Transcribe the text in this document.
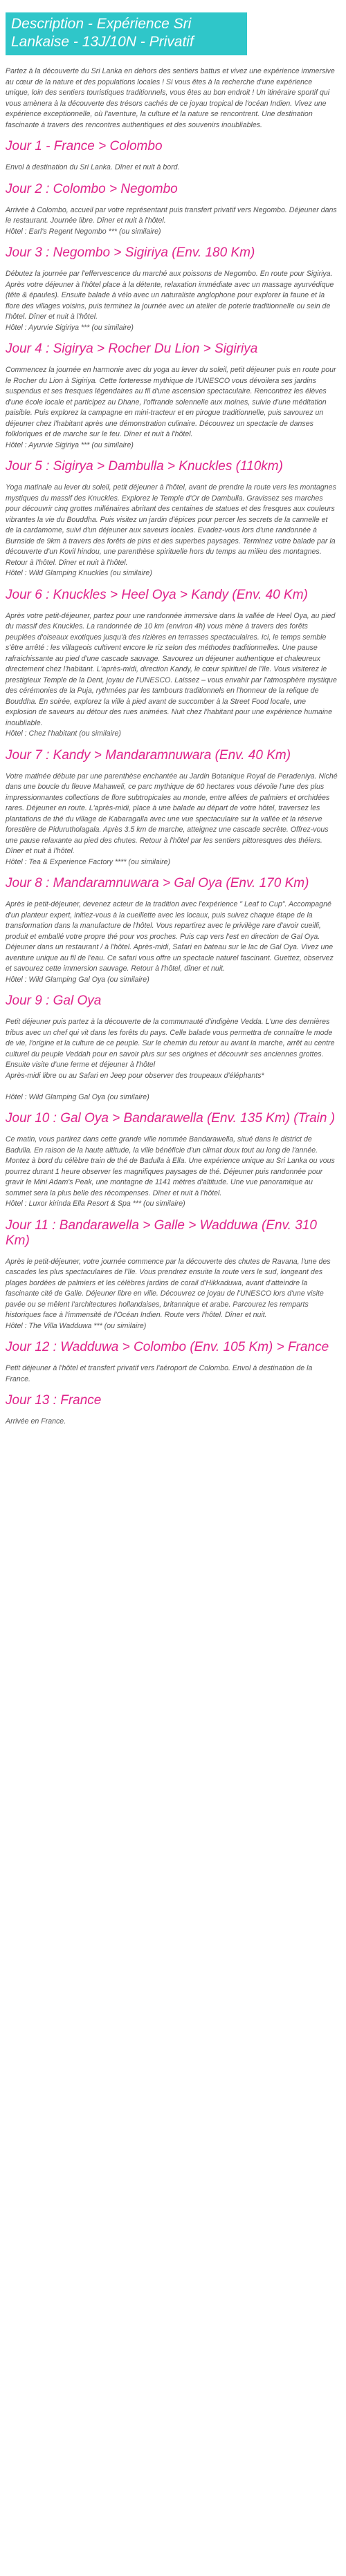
Description - Expérience Sri Lankaise - 13J/10N - Privatif

Partez à la découverte du Sri Lanka en dehors des sentiers battus et vivez une expérience immersive au cœur de la nature et des populations locales ! Si vous êtes à la recherche d'une expérience unique, loin des sentiers touristiques traditionnels, vous êtes au bon endroit ! Un itinéraire sportif qui vous amènera à la découverte des trésors cachés de ce joyau tropical de l'océan Indien. Vivez une expérience exceptionnelle, où l'aventure, la culture et la nature se rencontrent. Une destination fascinante à travers des rencontres authentiques et des souvenirs inoubliables.

Jour 1 - France > Colombo

Envol à destination du Sri Lanka. Dîner et nuit à bord.

Jour 2 : Colombo > Negombo

Arrivée à Colombo, accueil par votre représentant puis transfert privatif vers Negombo. Déjeuner dans le restaurant. Journée libre. Dîner et nuit à l'hôtel.
Hôtel : Earl's Regent Negombo *** (ou similaire)

Jour 3 : Negombo > Sigiriya (Env. 180 Km)

Débutez la journée par l'effervescence du marché aux poissons de Negombo. En route pour Sigiriya. Après votre déjeuner à l'hôtel place à la détente, relaxation immédiate avec un massage ayurvédique (tête & épaules). Ensuite balade à vélo avec un naturaliste anglophone pour explorer la faune et la flore des villages voisins, puis terminez la journée avec un atelier de poterie traditionnelle ou sein de l'hôtel. Dîner et nuit à l'hôtel.
Hôtel : Ayurvie Sigiriya *** (ou similaire)

Jour 4 : Sigirya > Rocher Du Lion > Sigiriya

Commencez la journée en harmonie avec du yoga au lever du soleil, petit déjeuner puis en route pour le Rocher du Lion à Sigiriya. Cette forteresse mythique de l'UNESCO vous dévoilera ses jardins suspendus et ses fresques légendaires au fil d'une ascension spectaculaire. Rencontrez les élèves d'une école locale et participez au Dhane, l'offrande solennelle aux moines, suivie d'une méditation paisible. Puis explorez la campagne en mini-tracteur et en pirogue traditionnelle, puis savourez un déjeuner chez l'habitant après une démonstration culinaire. Découvrez un spectacle de danses folkloriques et de marche sur le feu. Dîner et nuit à l'hôtel.
Hôtel : Ayurvie Sigiriya *** (ou similaire)

Jour 5 : Sigirya > Dambulla > Knuckles (110km)

Yoga matinale au lever du soleil, petit déjeuner à l'hôtel, avant de prendre la route vers les montagnes mystiques du massif des Knuckles. Explorez le Temple d'Or de Dambulla. Gravissez ses marches pour découvrir cinq grottes millénaires abritant des centaines de statues et des fresques aux couleurs vibrantes la vie du Bouddha. Puis visitez un jardin d'épices pour percer les secrets de la cannelle et de la cardamome, suivi d'un déjeuner aux saveurs locales. Evadez-vous lors d'une randonnée à Burnside de 9km à travers des forêts de pins et des superbes paysages. Terminez votre balade par la découverte d'un Kovil hindou, une parenthèse spirituelle hors du temps au milieu des montagnes. Retour à l'hôtel. Dîner et nuit à l'hôtel.
Hôtel : Wild Glamping Knuckles (ou similaire)

Jour 6 : Knuckles > Heel Oya > Kandy (Env. 40 Km)

Après votre petit-déjeuner, partez pour une randonnée immersive dans la vallée de Heel Oya, au pied du massif des Knuckles. La randonnée de 10 km (environ 4h) vous mène à travers des forêts peuplées d'oiseaux exotiques jusqu'à des rizières en terrasses spectaculaires. Ici, le temps semble s'être arrêté : les villageois cultivent encore le riz selon des méthodes traditionnelles. Une pause rafraichissante au pied d'une cascade sauvage. Savourez un déjeuner authentique et chaleureux directement chez l'habitant. L'après-midi, direction Kandy, le cœur spirituel de l'île. Vous visiterez le prestigieux Temple de la Dent, joyau de l'UNESCO. Laissez – vous envahir par l'atmosphère mystique des cérémonies de la Puja, rythmées par les tambours traditionnels en l'honneur de la relique de Bouddha. En soirée, explorez la ville à pied avant de succomber à la Street Food locale, une explosion de saveurs au détour des rues animées. Nuit chez l'habitant pour une expérience humaine inoubliable.
Hôtel : Chez l'habitant (ou similaire)

Jour 7 : Kandy > Mandaramnuwara (Env. 40 Km)

Votre matinée débute par une parenthèse enchantée au Jardin Botanique Royal de Peradeniya. Niché dans une boucle du fleuve Mahaweli, ce parc mythique de 60 hectares vous dévoile l'une des plus impressionnantes collections de flore subtropicales au monde, entre allées de palmiers et orchidées rares. Déjeuner en route. L'après-midi, place à une balade au départ de votre hôtel, traversez les plantations de thé du village de Kabaragalla avec une vue spectaculaire sur la vallée et la réserve forestière de Pidurutholagala. Après 3.5 km de marche, atteignez une cascade secrète. Offrez-vous une pause relaxante au pied des chutes. Retour à l'hôtel par les sentiers pittoresques des théiers. Dîner et nuit à l'hôtel.
Hôtel : Tea & Experience Factory **** (ou similaire)

Jour 8 : Mandaramnuwara > Gal Oya (Env. 170 Km)

Après le petit-déjeuner, devenez acteur de la tradition avec l'expérience " Leaf to Cup". Accompagné d'un planteur expert, initiez-vous à la cueillette avec les locaux, puis suivez chaque étape de la transformation dans la manufacture de l'hôtel. Vous repartirez avec le privilège rare d'avoir cueilli, produit et emballé votre propre thé pour vos proches. Puis cap vers l'est en direction de Gal Oya. Déjeuner dans un restaurant / à l'hôtel. Après-midi, Safari en bateau sur le lac de Gal Oya. Vivez une aventure unique au fil de l'eau. Ce safari vous offre un spectacle naturel fascinant. Guettez, observez et savourez cette immersion sauvage. Retour à l'hôtel, dîner et nuit.
Hôtel : Wild Glamping Gal Oya (ou similaire)

Jour 9 : Gal Oya

Petit déjeuner puis partez à la découverte de la communauté d'indigène Vedda. L'une des dernières tribus avec un chef qui vit dans les forêts du pays. Celle balade vous permettra de connaître le mode de vie, l'origine et la culture de ce peuple. Sur le chemin du retour au avant la marche, arrêt au centre culturel du peuple Veddah pour en savoir plus sur ses origines et découvrir ses anciennes grottes. Ensuite visite d'une ferme et déjeuner à l'hôtel
Après-midi libre ou au Safari en Jeep pour observer des troupeaux d'éléphants*

Hôtel : Wild Glamping Gal Oya (ou similaire)

Jour 10 : Gal Oya > Bandarawella (Env. 135 Km) (Train )

Ce matin, vous partirez dans cette grande ville nommée Bandarawella, situé dans le district de Badulla. En raison de la haute altitude, la ville bénéficie d'un climat doux tout au long de l'année. Montez à bord du célèbre train de thé de Badulla à Ella. Une expérience unique au Sri Lanka ou vous pourrez durant 1 heure observer les magnifiques paysages de thé. Déjeuner puis randonnée pour gravir le Mini Adam's Peak, une montagne de 1141 mètres d'altitude. Une vue panoramique au sommet sera la plus belle des récompenses. Dîner et nuit à l'hôtel.
Hôtel : Luxor kirinda Ella Resort & Spa *** (ou similaire)

Jour 11 : Bandarawella > Galle > Wadduwa (Env. 310 Km)

Après le petit-déjeuner, votre journée commence par la découverte des chutes de Ravana, l'une des cascades les plus spectaculaires de l'île. Vous prendrez ensuite la route vers le sud, longeant des plages bordées de palmiers et les célèbres jardins de corail d'Hikkaduwa, avant d'atteindre la fascinante cité de Galle. Déjeuner libre en ville. Découvrez ce joyau de l'UNESCO lors d'une visite pavée ou se mêlent l'architectures hollandaises, britannique et arabe. Parcourez les remparts historiques face à l'immensité de l'Océan Indien. Route vers l'hôtel. Dîner et nuit.
Hôtel : The Villa Wadduwa *** (ou similaire)

Jour 12 : Wadduwa > Colombo (Env. 105 Km) > France

Petit déjeuner à l'hôtel et transfert privatif vers l'aéroport de Colombo. Envol à destination de la France.

Jour 13 : France

Arrivée en France.
